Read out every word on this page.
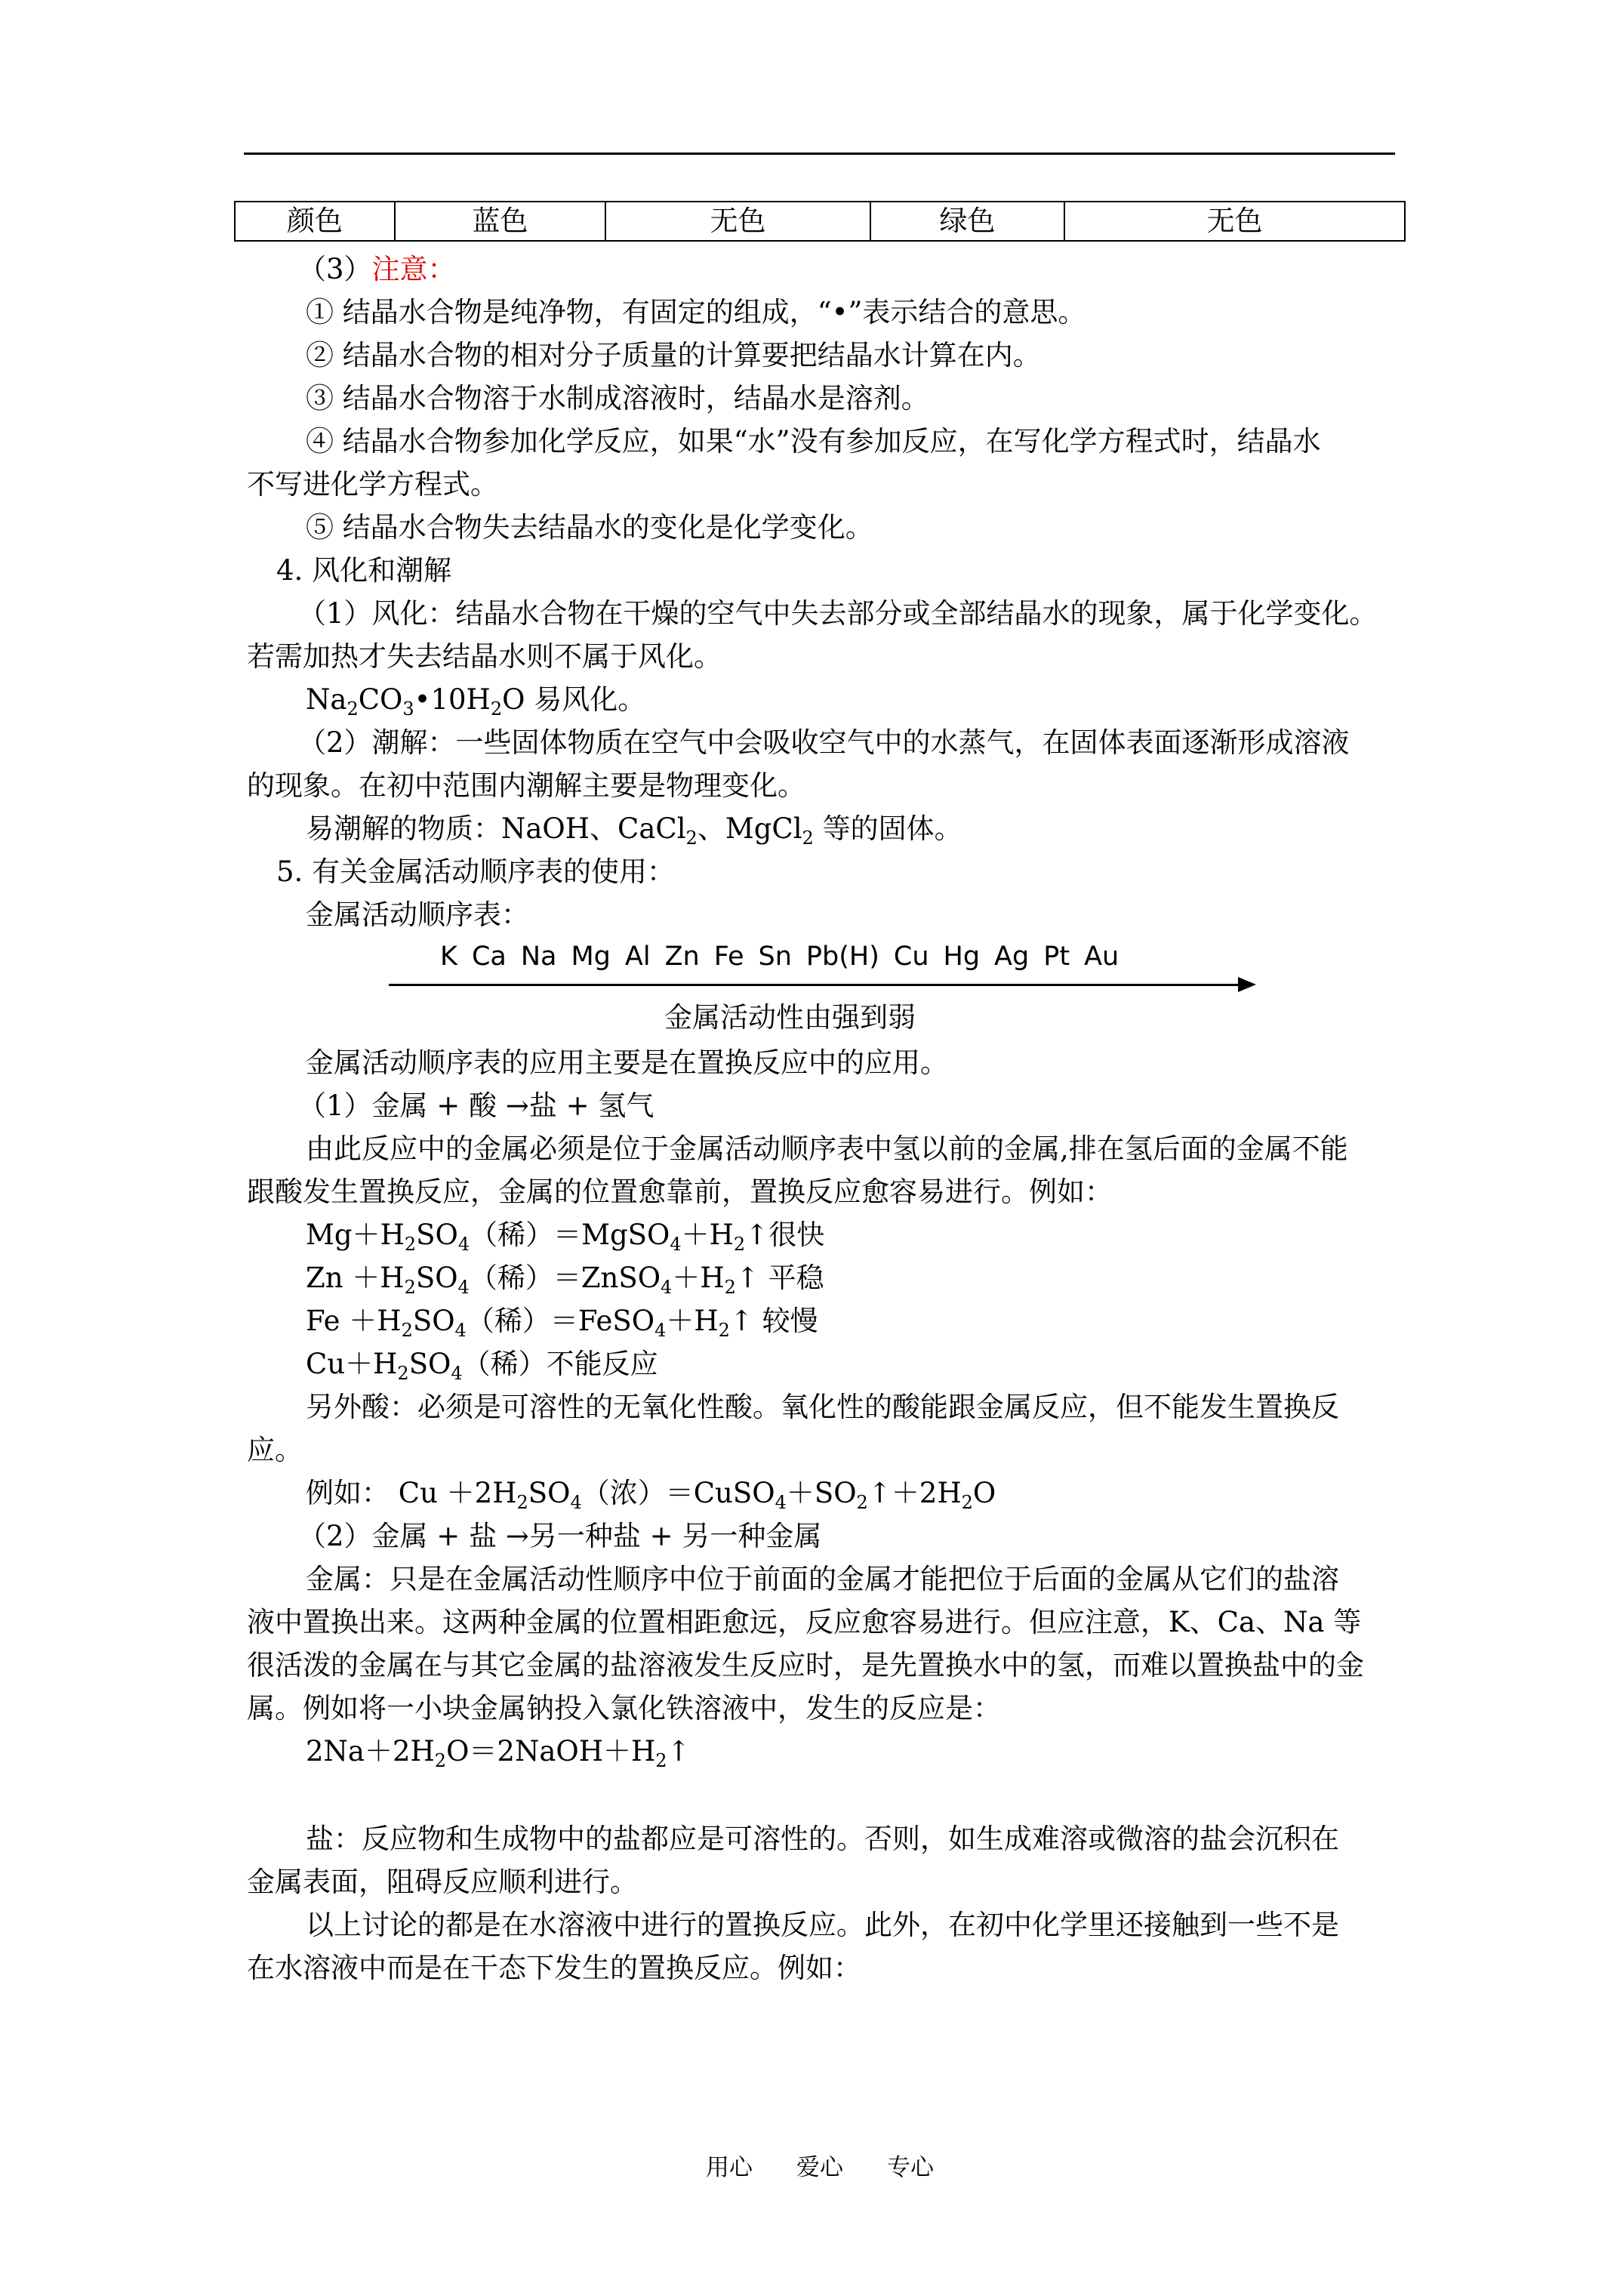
颜色	蓝色	无色	绿色	无色
（3）注意：
① 结晶水合物是纯净物，有固定的组成，“•”表示结合的意思。
② 结晶水合物的相对分子质量的计算要把结晶水计算在内。
③ 结晶水合物溶于水制成溶液时，结晶水是溶剂。
④ 结晶水合物参加化学反应，如果“水”没有参加反应，在写化学方程式时，结晶水
不写进化学方程式。
⑤ 结晶水合物失去结晶水的变化是化学变化。
4. 风化和潮解
（1）风化：结晶水合物在干燥的空气中失去部分或全部结晶水的现象，属于化学变化。
若需加热才失去结晶水则不属于风化。
$Na_2CO_3•10H_2O$ 易风化。
（2）潮解：一些固体物质在空气中会吸收空气中的水蒸气，在固体表面逐渐形成溶液
的现象。在初中范围内潮解主要是物理变化。
易潮解的物质：NaOH、CaCl$_2$、MgCl$_2$ 等的固体。
5. 有关金属活动顺序表的使用：
金属活动顺序表：
K Ca Na Mg Al Zn Fe Sn Pb(H) Cu Hg Ag Pt Au
金属活动性由强到弱
金属活动顺序表的应用主要是在置换反应中的应用。
（1）金属 + 酸 →盐 + 氢气
由此反应中的金属必须是位于金属活动顺序表中氢以前的金属,排在氢后面的金属不能
跟酸发生置换反应，金属的位置愈靠前，置换反应愈容易进行。例如：
$Mg+H_2SO_4$（稀）$=MgSO_4+H_2↑$很快
$Zn +H_2SO_4$（稀）$=ZnSO_4+H_2↑$ 平稳
$Fe +H_2SO_4$（稀）$=FeSO_4+H_2↑$ 较慢
$Cu+H_2SO_4$（稀）不能反应
另外酸：必须是可溶性的无氧化性酸。氧化性的酸能跟金属反应，但不能发生置换反
应。
例如： $Cu +2H_2SO_4$（浓）$=CuSO_4+SO_2↑+2H_2O$
（2）金属 + 盐 →另一种盐 + 另一种金属
金属：只是在金属活动性顺序中位于前面的金属才能把位于后面的金属从它们的盐溶
液中置换出来。这两种金属的位置相距愈远，反应愈容易进行。但应注意，K、Ca、Na 等
很活泼的金属在与其它金属的盐溶液发生反应时，是先置换水中的氢，而难以置换盐中的金
属。例如将一小块金属钠投入氯化铁溶液中，发生的反应是：
$2Na+2H_2O=2NaOH+H_2↑$
盐：反应物和生成物中的盐都应是可溶性的。否则，如生成难溶或微溶的盐会沉积在
金属表面，阻碍反应顺利进行。
以上讨论的都是在水溶液中进行的置换反应。此外，在初中化学里还接触到一些不是
在水溶液中而是在干态下发生的置换反应。例如：
用心 爱心 专心
